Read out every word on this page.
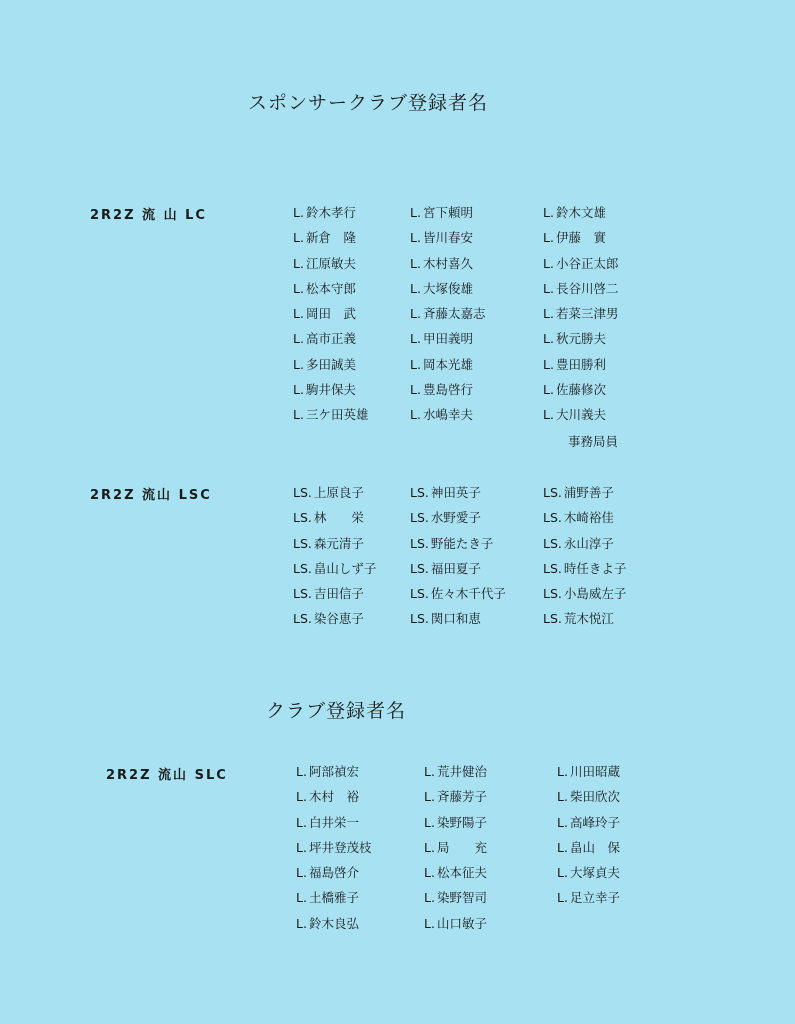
スポンサークラブ登録者名
2R2Z 流 山 LC	L. 鈴木孝行	L. 宮下頼明	L. 鈴木文雄
L. 新倉　隆	L. 皆川春安	L. 伊藤　實
L. 江原敏夫	L. 木村喜久	L. 小谷正太郎
L. 松本守郎	L. 大塚俊雄	L. 長谷川啓二
L. 岡田　武	L. 斉藤太嘉志	L. 若菜三津男
L. 高市正義	L. 甲田義明	L. 秋元勝夫
L. 多田誠美	L. 岡本光雄	L. 豊田勝利
L. 駒井保夫	L. 豊島啓行	L. 佐藤修次
L. 三ケ田英雄	L. 水嶋幸夫	L. 大川義夫
事務局員
2R2Z 流山 LSC	LS. 上原良子	LS. 神田英子	LS. 浦野善子
LS. 林　　栄	LS. 水野愛子	LS. 木崎裕佳
LS. 森元清子	LS. 野能たき子	LS. 永山淳子
LS. 畠山しず子	LS. 福田夏子	LS. 時任きよ子
LS. 吉田信子	LS. 佐々木千代子	LS. 小島威左子
LS. 染谷恵子	LS. 関口和恵	LS. 荒木悦江
クラブ登録者名
2R2Z 流山 SLC	L. 阿部禎宏	L. 荒井健治	L. 川田昭蔵
L. 木村　裕	L. 斉藤芳子	L. 柴田欣次
L. 白井栄一	L. 染野陽子	L. 高峰玲子
L. 坪井登茂枝	L. 局　　充	L. 畠山　保
L. 福島啓介	L. 松本征夫	L. 大塚貞夫
L. 土橋雅子	L. 染野智司	L. 足立幸子
L. 鈴木良弘	L. 山口敏子
